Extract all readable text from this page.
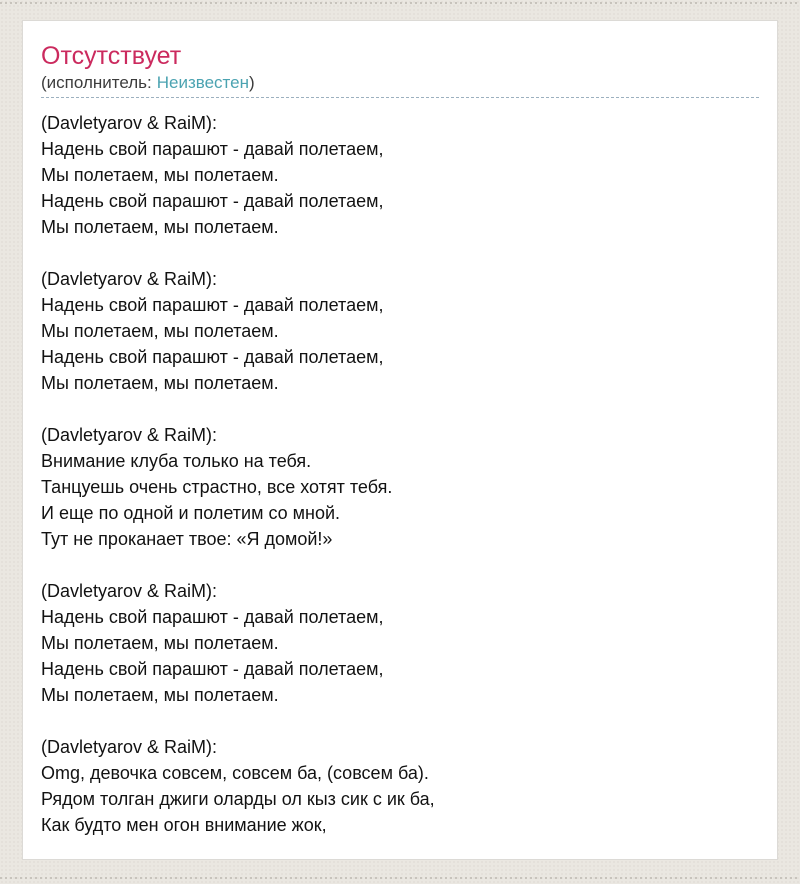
Отсутствует
(исполнитель: Неизвестен)
(Davletyarov & RaiM):
Надень свой парашют - давай полетаем,
Мы полетаем, мы полетаем.
Надень свой парашют - давай полетаем,
Мы полетаем, мы полетаем.
(Davletyarov & RaiM):
Надень свой парашют - давай полетаем,
Мы полетаем, мы полетаем.
Надень свой парашют - давай полетаем,
Мы полетаем, мы полетаем.
(Davletyarov & RaiM):
Внимание клуба только на тебя.
Танцуешь очень страстно, все хотят тебя.
И еще по одной и полетим со мной.
Тут не проканает твое: «Я домой!»
(Davletyarov & RaiM):
Надень свой парашют - давай полетаем,
Мы полетаем, мы полетаем.
Надень свой парашют - давай полетаем,
Мы полетаем, мы полетаем.
(Davletyarov & RaiM):
Omg, девочка совсем, совсем ба, (совсем ба).
Рядом толган джиги оларды ол кыз сик с ик ба,
Как будто мен огон внимание жок,
